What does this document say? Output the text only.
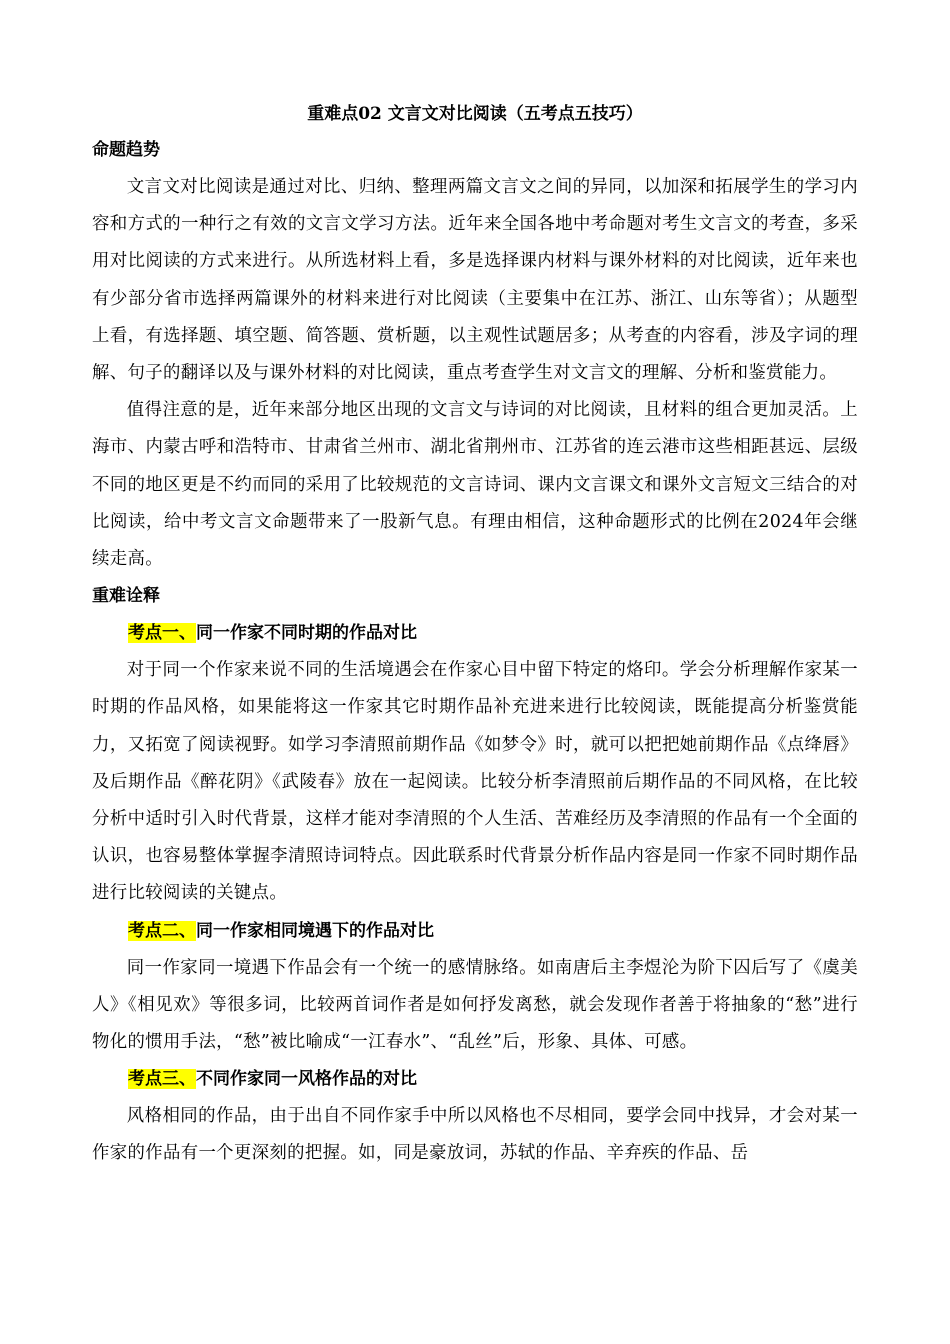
重难点02 文言文对比阅读（五考点五技巧）
命题趋势

文言文对比阅读是通过对比、归纳、整理两篇文言文之间的异同，以加深和拓展学生的学习内容和方式的一种行之有效的文言文学习方法。近年来全国各地中考命题对考生文言文的考查，多采用对比阅读的方式来进行。从所选材料上看，多是选择课内材料与课外材料的对比阅读，近年来也有少部分省市选择两篇课外的材料来进行对比阅读（主要集中在江苏、浙江、山东等省）；从题型上看，有选择题、填空题、简答题、赏析题，以主观性试题居多；从考查的内容看，涉及字词的理解、句子的翻译以及与课外材料的对比阅读，重点考查学生对文言文的理解、分析和鉴赏能力。

值得注意的是，近年来部分地区出现的文言文与诗词的对比阅读，且材料的组合更加灵活。上海市、内蒙古呼和浩特市、甘肃省兰州市、湖北省荆州市、江苏省的连云港市这些相距甚远、层级不同的地区更是不约而同的采用了比较规范的文言诗词、课内文言课文和课外文言短文三结合的对比阅读，给中考文言文命题带来了一股新气息。有理由相信，这种命题形式的比例在2024年会继续走高。

重难诠释
考点一、同一作家不同时期的作品对比

对于同一个作家来说不同的生活境遇会在作家心目中留下特定的烙印。学会分析理解作家某一时期的作品风格，如果能将这一作家其它时期作品补充进来进行比较阅读，既能提高分析鉴赏能力，又拓宽了阅读视野。如学习李清照前期作品《如梦令》时，就可以把把她前期作品《点绛唇》及后期作品《醉花阴》《武陵春》放在一起阅读。比较分析李清照前后期作品的不同风格，在比较分析中适时引入时代背景，这样才能对李清照的个人生活、苦难经历及李清照的作品有一个全面的认识，也容易整体掌握李清照诗词特点。因此联系时代背景分析作品内容是同一作家不同时期作品进行比较阅读的关键点。

考点二、同一作家相同境遇下的作品对比

同一作家同一境遇下作品会有一个统一的感情脉络。如南唐后主李煜沦为阶下囚后写了《虞美人》《相见欢》等很多词，比较两首词作者是如何抒发离愁，就会发现作者善于将抽象的“愁”进行物化的惯用手法，“愁”被比喻成“一江春水”、“乱丝”后，形象、具体、可感。

考点三、不同作家同一风格作品的对比

风格相同的作品，由于出自不同作家手中所以风格也不尽相同，要学会同中找异，才会对某一作家的作品有一个更深刻的把握。如，同是豪放词，苏轼的作品、辛弃疾的作品、岳
